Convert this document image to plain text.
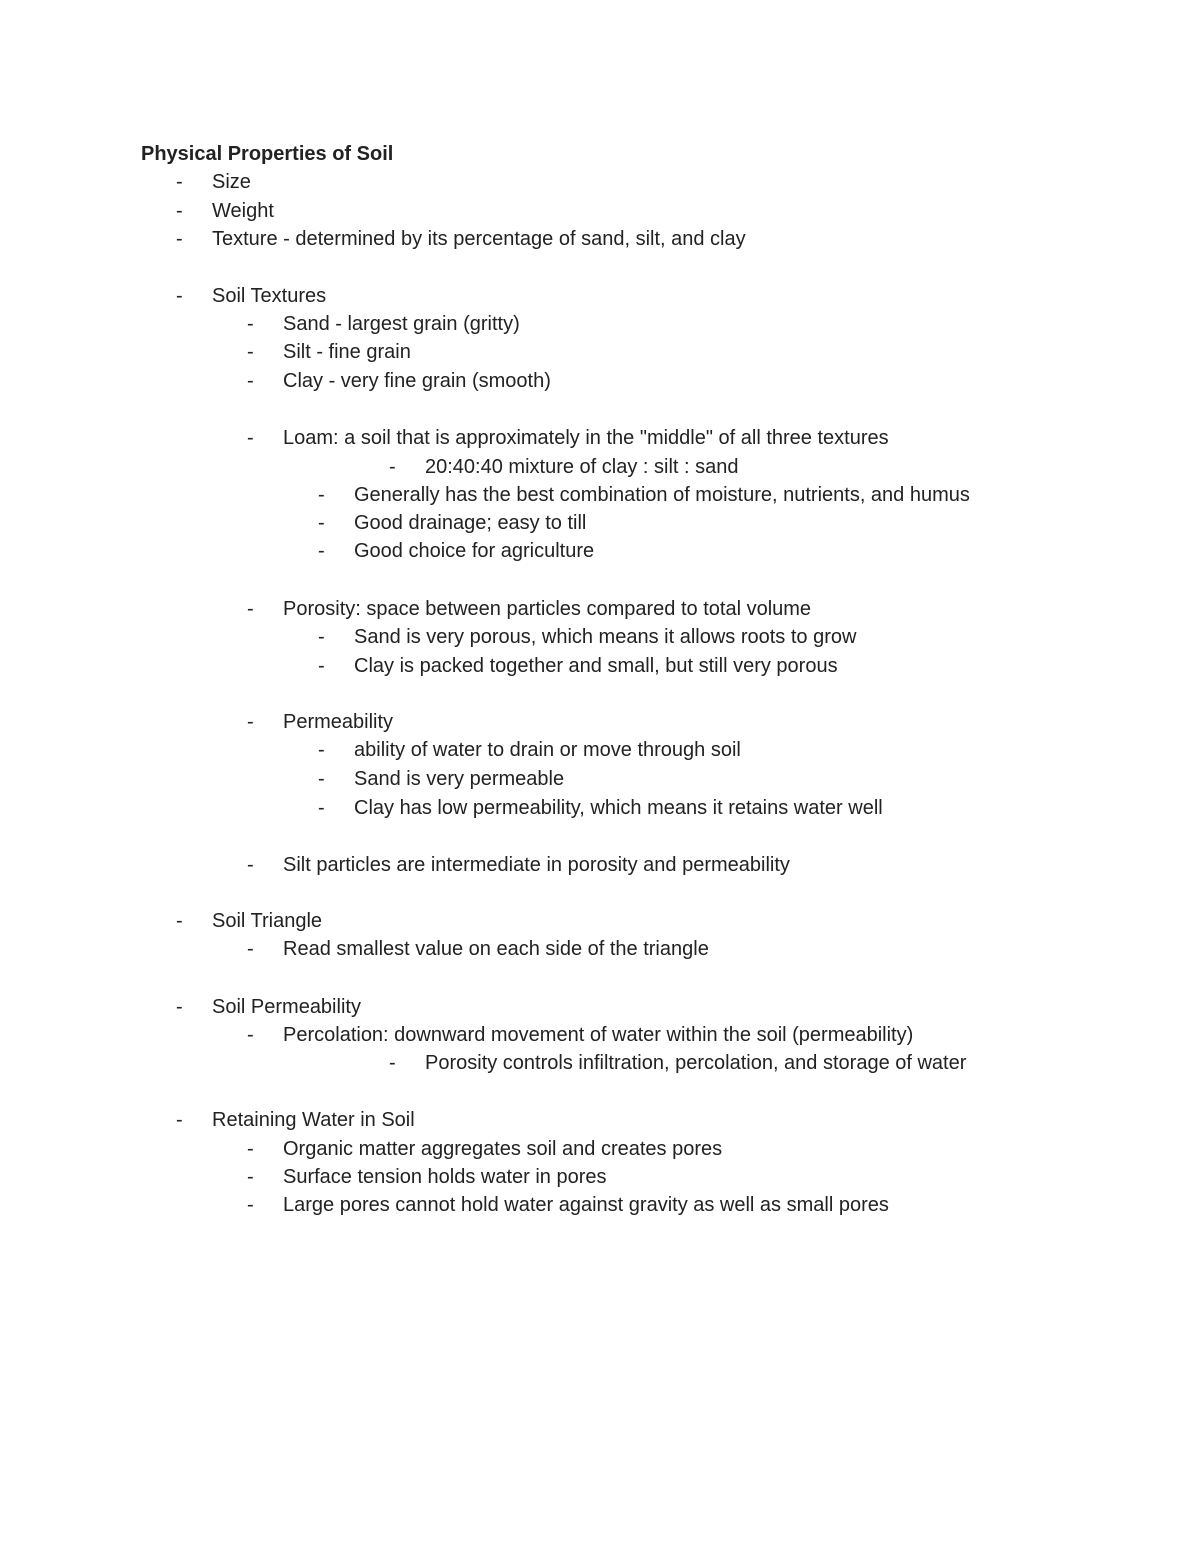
Physical Properties of Soil
- Size
- Weight
- Texture - determined by its percentage of sand, silt, and clay
- Soil Textures
- Sand - largest grain (gritty)
- Silt - fine grain
- Clay - very fine grain (smooth)
- Loam: a soil that is approximately in the "middle" of all three textures
- 20:40:40 mixture of clay : silt : sand
- Generally has the best combination of moisture, nutrients, and humus
- Good drainage; easy to till
- Good choice for agriculture
- Porosity: space between particles compared to total volume
- Sand is very porous, which means it allows roots to grow
- Clay is packed together and small, but still very porous
- Permeability
- ability of water to drain or move through soil
- Sand is very permeable
- Clay has low permeability, which means it retains water well
- Silt particles are intermediate in porosity and permeability
- Soil Triangle
- Read smallest value on each side of the triangle
- Soil Permeability
- Percolation: downward movement of water within the soil (permeability)
- Porosity controls infiltration, percolation, and storage of water
- Retaining Water in Soil
- Organic matter aggregates soil and creates pores
- Surface tension holds water in pores
- Large pores cannot hold water against gravity as well as small pores
